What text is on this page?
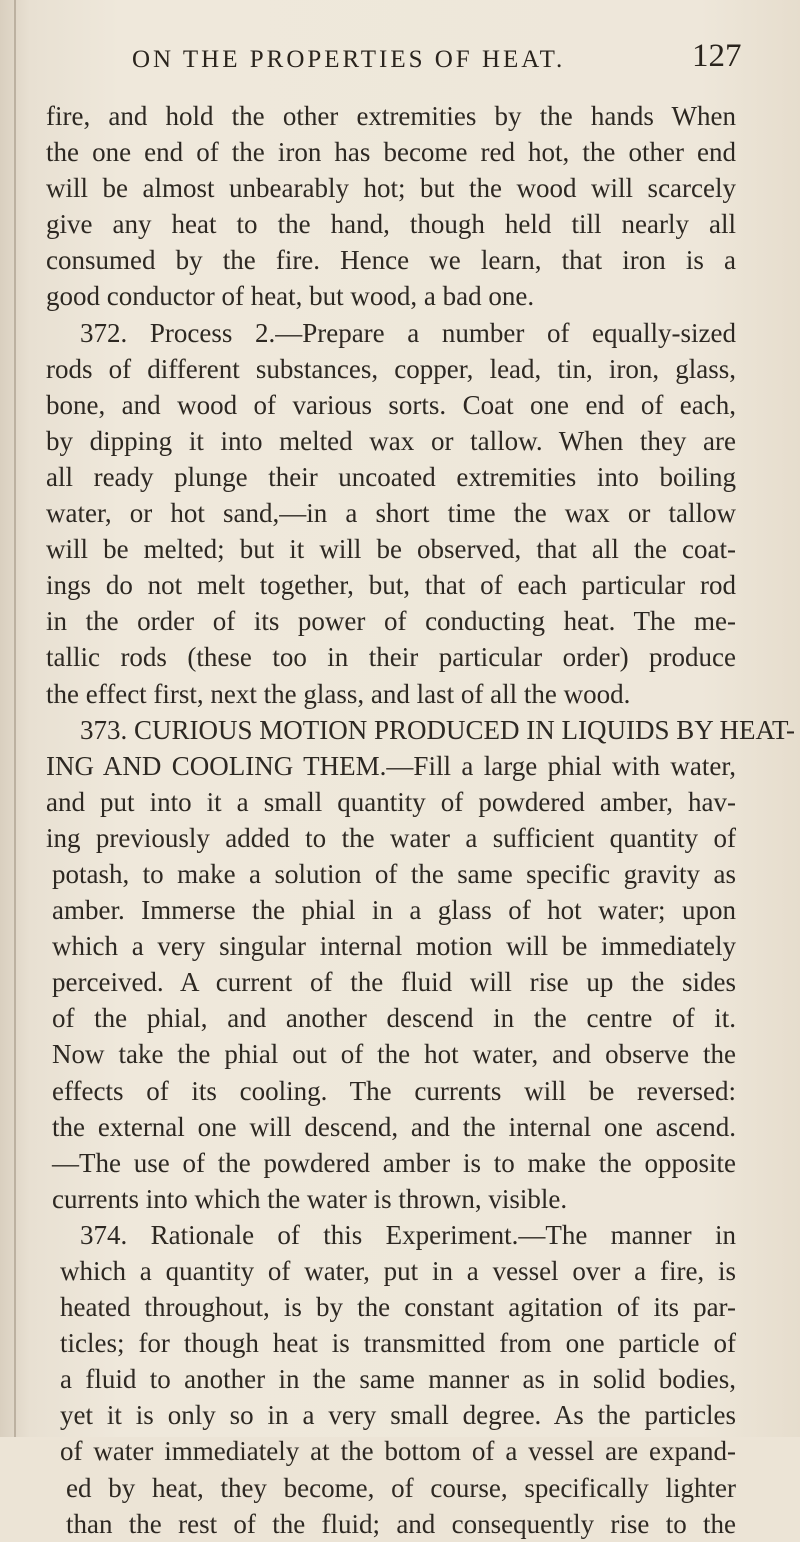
ON THE PROPERTIES OF HEAT.	127
fire, and hold the other extremities by the hands When
the one end of the iron has become red hot, the other end
will be almost unbearably hot; but the wood will scarcely
give any heat to the hand, though held till nearly all
consumed by the fire. Hence we learn, that iron is a
good conductor of heat, but wood, a bad one.
372. Process 2.—Prepare a number of equally-sized
rods of different substances, copper, lead, tin, iron, glass,
bone, and wood of various sorts. Coat one end of each,
by dipping it into melted wax or tallow. When they are
all ready plunge their uncoated extremities into boiling
water, or hot sand,—in a short time the wax or tallow
will be melted; but it will be observed, that all the coat-
ings do not melt together, but, that of each particular rod
in the order of its power of conducting heat. The me-
tallic rods (these too in their particular order) produce
the effect first, next the glass, and last of all the wood.
373. CURIOUS MOTION PRODUCED IN LIQUIDS BY HEAT-
ING AND COOLING THEM.—Fill a large phial with water,
and put into it a small quantity of powdered amber, hav-
ing previously added to the water a sufficient quantity of
potash, to make a solution of the same specific gravity as
amber. Immerse the phial in a glass of hot water; upon
which a very singular internal motion will be immediately
perceived. A current of the fluid will rise up the sides
of the phial, and another descend in the centre of it.
Now take the phial out of the hot water, and observe the
effects of its cooling. The currents will be reversed:
the external one will descend, and the internal one ascend.
—The use of the powdered amber is to make the opposite
currents into which the water is thrown, visible.
374. Rationale of this Experiment.—The manner in
which a quantity of water, put in a vessel over a fire, is
heated throughout, is by the constant agitation of its par-
ticles; for though heat is transmitted from one particle of
a fluid to another in the same manner as in solid bodies,
yet it is only so in a very small degree. As the particles
of water immediately at the bottom of a vessel are expand-
ed by heat, they become, of course, specifically lighter
than the rest of the fluid; and consequently rise to the
